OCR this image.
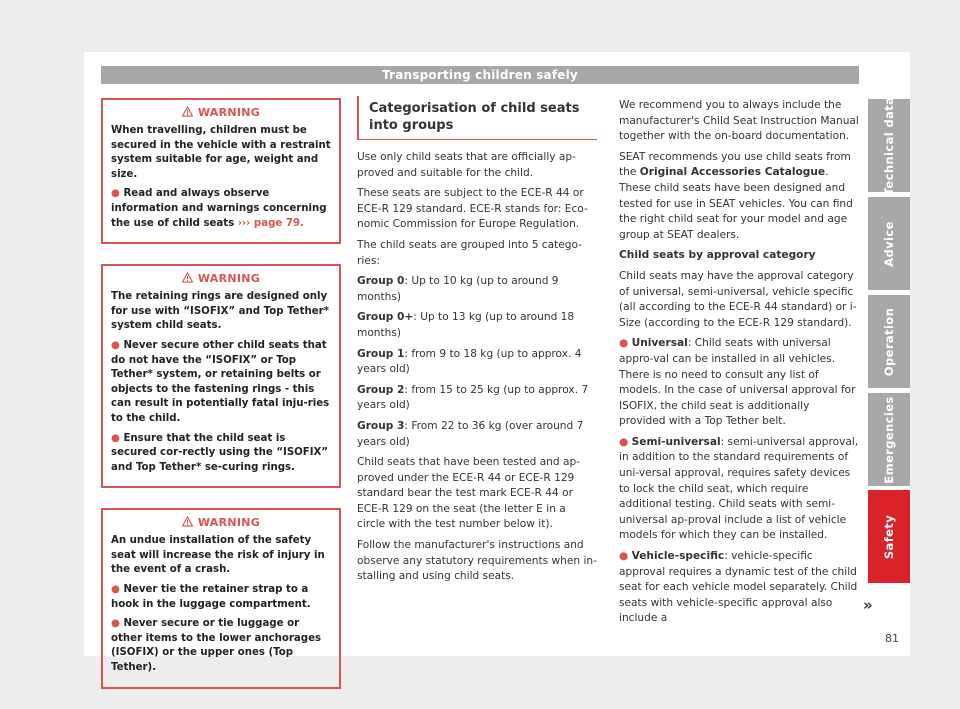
Transporting children safely
WARNING

When travelling, children must be secured in the vehicle with a restraint system suitable for age, weight and size.

● Read and always observe information and warnings concerning the use of child seats ››› page 79.

WARNING

The retaining rings are designed only for use with “ISOFIX” and Top Tether* system child seats.

● Never secure other child seats that do not have the “ISOFIX” or Top Tether* system, or retaining belts or objects to the fastening rings - this can result in potentially fatal inju-ries to the child.

● Ensure that the child seat is secured cor-rectly using the “ISOFIX” and Top Tether* se-curing rings.

WARNING

An undue installation of the safety seat will increase the risk of injury in the event of a crash.

● Never tie the retainer strap to a hook in the luggage compartment.

● Never secure or tie luggage or other items to the lower anchorages (ISOFIX) or the upper ones (Top Tether).

Categorisation of child seats into groups

Use only child seats that are officially ap-proved and suitable for the child.

These seats are subject to the ECE-R 44 or ECE-R 129 standard. ECE-R stands for: Eco-nomic Commission for Europe Regulation.

The child seats are grouped into 5 catego-ries:

Group 0: Up to 10 kg (up to around 9 months)

Group 0+: Up to 13 kg (up to around 18 months)

Group 1: from 9 to 18 kg (up to approx. 4 years old)

Group 2: from 15 to 25 kg (up to approx. 7 years old)

Group 3: From 22 to 36 kg (over around 7 years old)

Child seats that have been tested and ap-proved under the ECE-R 44 or ECE-R 129 standard bear the test mark ECE-R 44 or ECE-R 129 on the seat (the letter E in a circle with the test number below it).

Follow the manufacturer's instructions and observe any statutory requirements when in-stalling and using child seats.

We recommend you to always include the manufacturer's Child Seat Instruction Manual together with the on-board documentation.

SEAT recommends you use child seats from the Original Accessories Catalogue. These child seats have been designed and tested for use in SEAT vehicles. You can find the right child seat for your model and age group at SEAT dealers.

Child seats by approval category

Child seats may have the approval category of universal, semi-universal, vehicle specific (all according to the ECE-R 44 standard) or i-Size (according to the ECE-R 129 standard).

● Universal: Child seats with universal appro-val can be installed in all vehicles. There is no need to consult any list of models. In the case of universal approval for ISOFIX, the child seat is additionally provided with a Top Tether belt.

● Semi-universal: semi-universal approval, in addition to the standard requirements of uni-versal approval, requires safety devices to lock the child seat, which require additional testing. Child seats with semi-universal ap-proval include a list of vehicle models for which they can be installed.

● Vehicle-specific: vehicle-specific approval requires a dynamic test of the child seat for each vehicle model separately. Child seats with vehicle-specific approval also include a

»
Technical data
Advice
Operation
Emergencies
Safety
81
